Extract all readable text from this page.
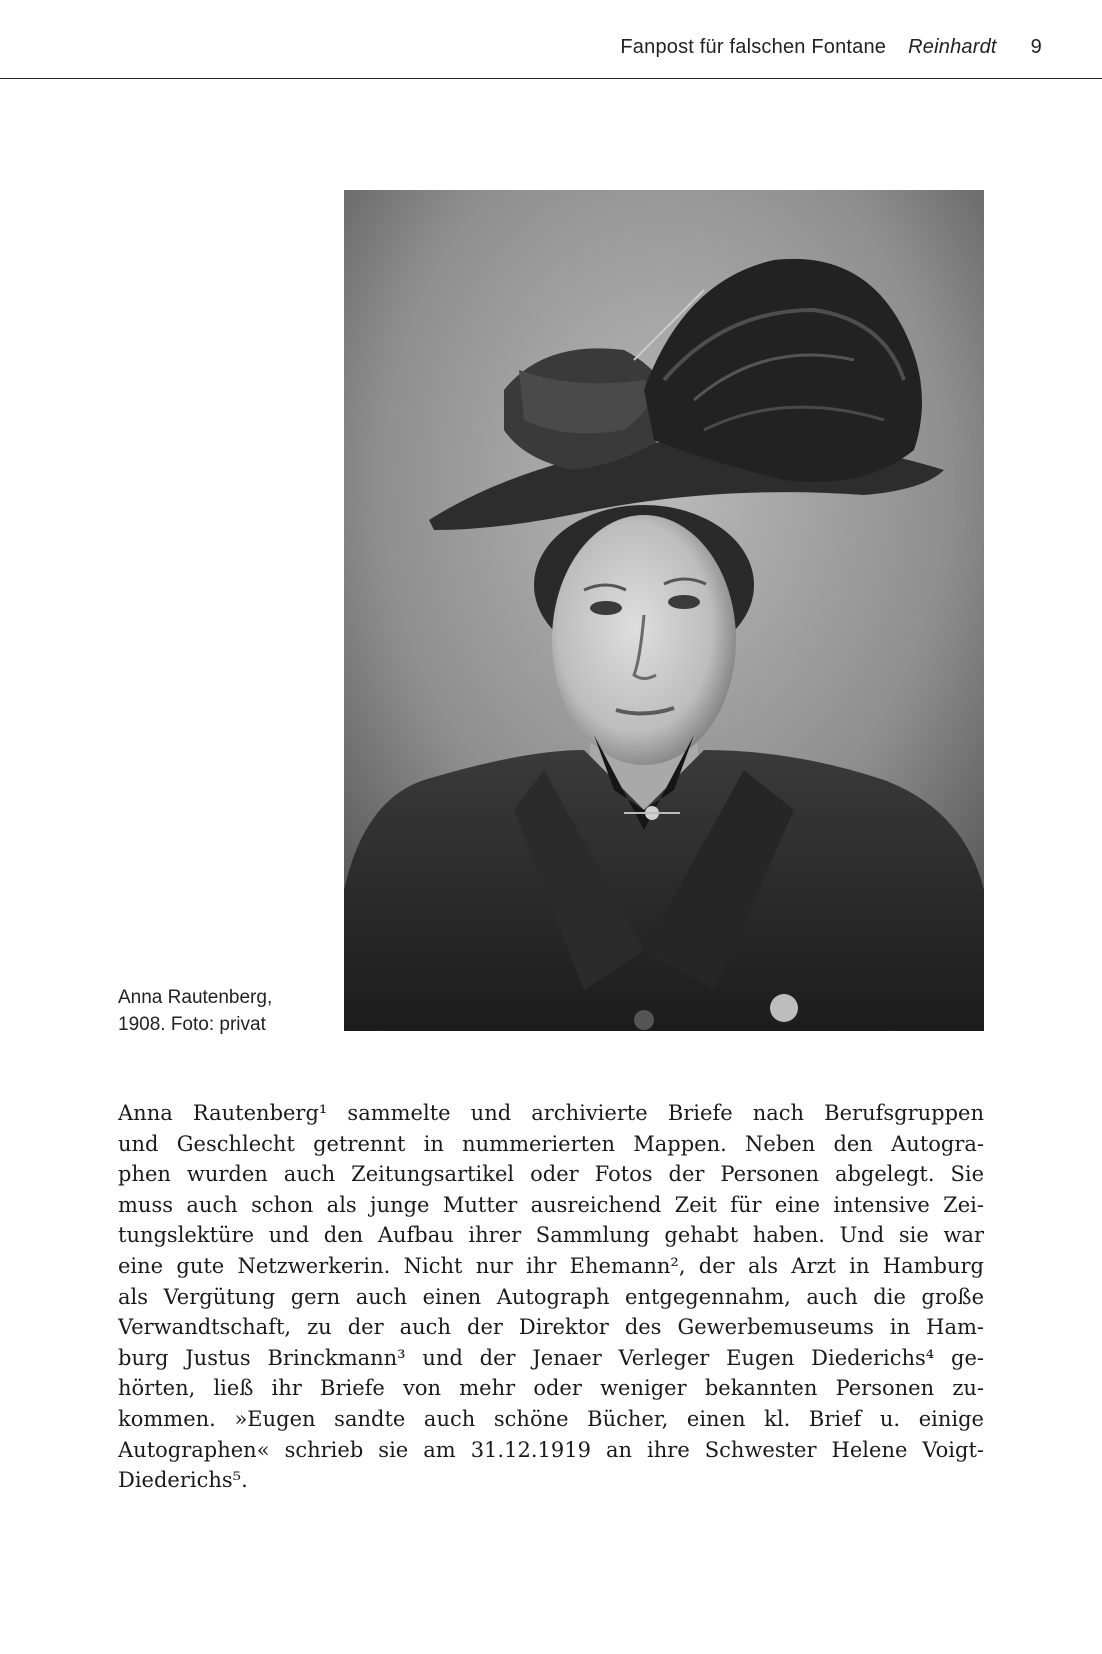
Fanpost für falschen Fontane Reinhardt 9
Anna Rautenberg,
1908. Foto: privat
Anna Rautenberg¹ sammelte und archivierte Briefe nach Berufsgruppen
und Geschlecht getrennt in nummerierten Mappen. Neben den Autogra-
phen wurden auch Zeitungsartikel oder Fotos der Personen abgelegt. Sie
muss auch schon als junge Mutter ausreichend Zeit für eine intensive Zei-
tungslektüre und den Aufbau ihrer Sammlung gehabt haben. Und sie war
eine gute Netzwerkerin. Nicht nur ihr Ehemann², der als Arzt in Hamburg
als Vergütung gern auch einen Autograph entgegennahm, auch die große
Verwandtschaft, zu der auch der Direktor des Gewerbemuseums in Ham-
burg Justus Brinckmann³ und der Jenaer Verleger Eugen Diederichs⁴ ge-
hörten, ließ ihr Briefe von mehr oder weniger bekannten Personen zu-
kommen. »Eugen sandte auch schöne Bücher, einen kl. Brief u. einige
Autographen« schrieb sie am 31.12.1919 an ihre Schwester Helene Voigt-
Diederichs⁵.
